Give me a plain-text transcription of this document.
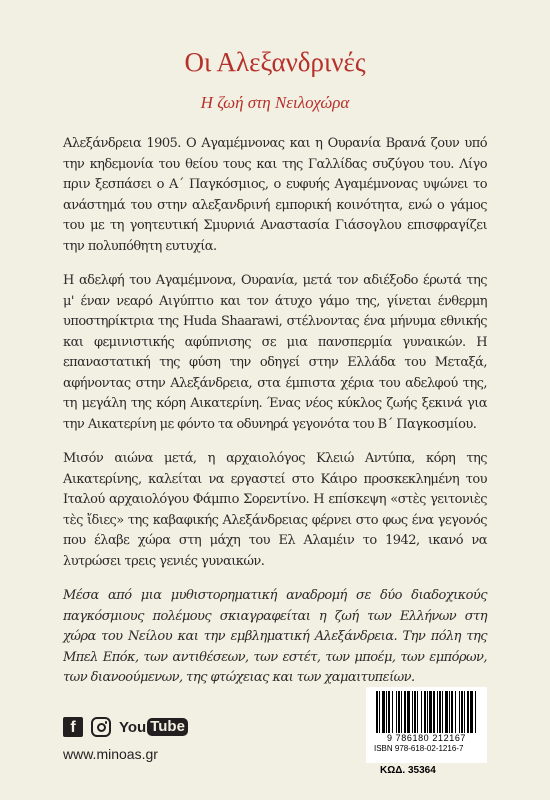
Οι Αλεξανδρινές
Η ζωή στη Νειλοχώρα

Αλεξάνδρεια 1905. Ο Αγαμέμνονας και η Ουρανία Βρανά ζουν υπό την κηδεμονία του θείου τους και της Γαλλίδας συζύγου του. Λίγο πριν ξεσπάσει ο Α΄ Παγκόσμιος, ο ευφυής Αγαμέμνονας υψώνει το ανάστημά του στην αλεξανδρινή εμπορική κοινότητα, ενώ ο γάμος του με τη γοητευτική Σμυρνιά Αναστασία Γιάσογλου επισφραγίζει την πολυπόθητη ευτυχία.

Η αδελφή του Αγαμέμνονα, Ουρανία, μετά τον αδιέξοδο έρωτά της μ' έναν νεαρό Αιγύπτιο και τον άτυχο γάμο της, γίνεται ένθερμη υποστηρίκτρια της Huda Shaarawi, στέλνοντας ένα μήνυμα εθνικής και φεμινιστικής αφύπνισης σε μια πανσπερμία γυναικών. Η επαναστατική της φύση την οδηγεί στην Ελλάδα του Μεταξά, αφήνοντας στην Αλεξάνδρεια, στα έμπιστα χέρια του αδελφού της, τη μεγάλη της κόρη Αικατερίνη. Ένας νέος κύκλος ζωής ξεκινά για την Αικατερίνη με φόντο τα οδυνηρά γεγονότα του Β΄ Παγκοσμίου.

Μισόν αιώνα μετά, η αρχαιολόγος Κλειώ Αντύπα, κόρη της Αικατερίνης, καλείται να εργαστεί στο Κάιρο προσκεκλημένη του Ιταλού αρχαιολόγου Φάμπιο Σορεντίνο. Η επίσκεψη «στὲς γειτονιὲς τὲς ἴδιες» της καβαφικής Αλεξάνδρειας φέρνει στο φως ένα γεγονός που έλαβε χώρα στη μάχη του Ελ Αλαμέιν το 1942, ικανό να λυτρώσει τρεις γενιές γυναικών.

Μέσα από μια μυθιστορηματική αναδρομή σε δύο διαδοχικούς παγκόσμιους πολέμους σκιαγραφείται η ζωή των Ελλήνων στη χώρα του Νείλου και την εμβληματική Αλεξάνδρεια. Την πόλη της Μπελ Επόκ, των αντιθέσεων, των εστέτ, των μποέμ, των εμπόρων, των διανοούμενων, της φτώχειας και των χαμαιτυπείων.

f	You Tube
www.minoas.gr
9 786180 212167
ISBN 978-618-02-1216-7
ΚΩΔ. 35364
